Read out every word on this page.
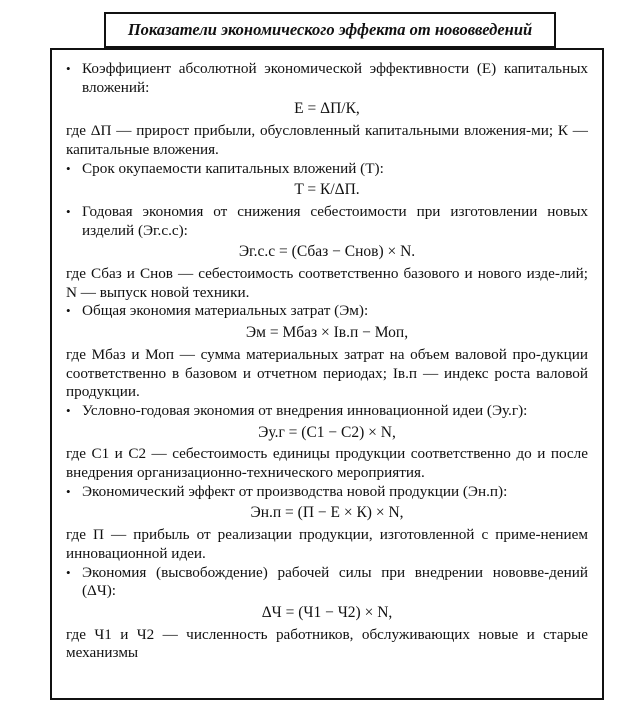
Показатели экономического эффекта от нововведений
• Коэффициент абсолютной экономической эффективности (Е) капитальных вложений:
E = ΔП/К,
где ΔП — прирост прибыли, обусловленный капитальными вложения-ми; К — капитальные вложения.
• Срок окупаемости капитальных вложений (Т):
T = К/ΔП.
• Годовая экономия от снижения себестоимости при изготовлении новых изделий (Эг.с.с):
Эг.с.с = (Сбаз − Снов) × N.
где Сбаз и Снов — себестоимость соответственно базового и нового изде-лий; N — выпуск новой техники.
• Общая экономия материальных затрат (Эм):
Эм = Мбаз × Iв.п − Моп,
где Мбаз и Моп — сумма материальных затрат на объем валовой про-дукции соответственно в базовом и отчетном периодах; Iв.п — индекс роста валовой продукции.
• Условно-годовая экономия от внедрения инновационной идеи (Эу.г):
Эу.г = (С1 − С2) × N,
где С1 и С2 — себестоимость единицы продукции соответственно до и после внедрения организационно-технического мероприятия.
• Экономический эффект от производства новой продукции (Эн.п):
Эн.п = (П − E × К) × N,
где П — прибыль от реализации продукции, изготовленной с приме-нением инновационной идеи.
• Экономия (высвобождение) рабочей силы при внедрении нововве-дений (ΔЧ):
ΔЧ = (Ч1 − Ч2) × N,
где Ч1 и Ч2 — численность работников, обслуживающих новые и старые механизмы
